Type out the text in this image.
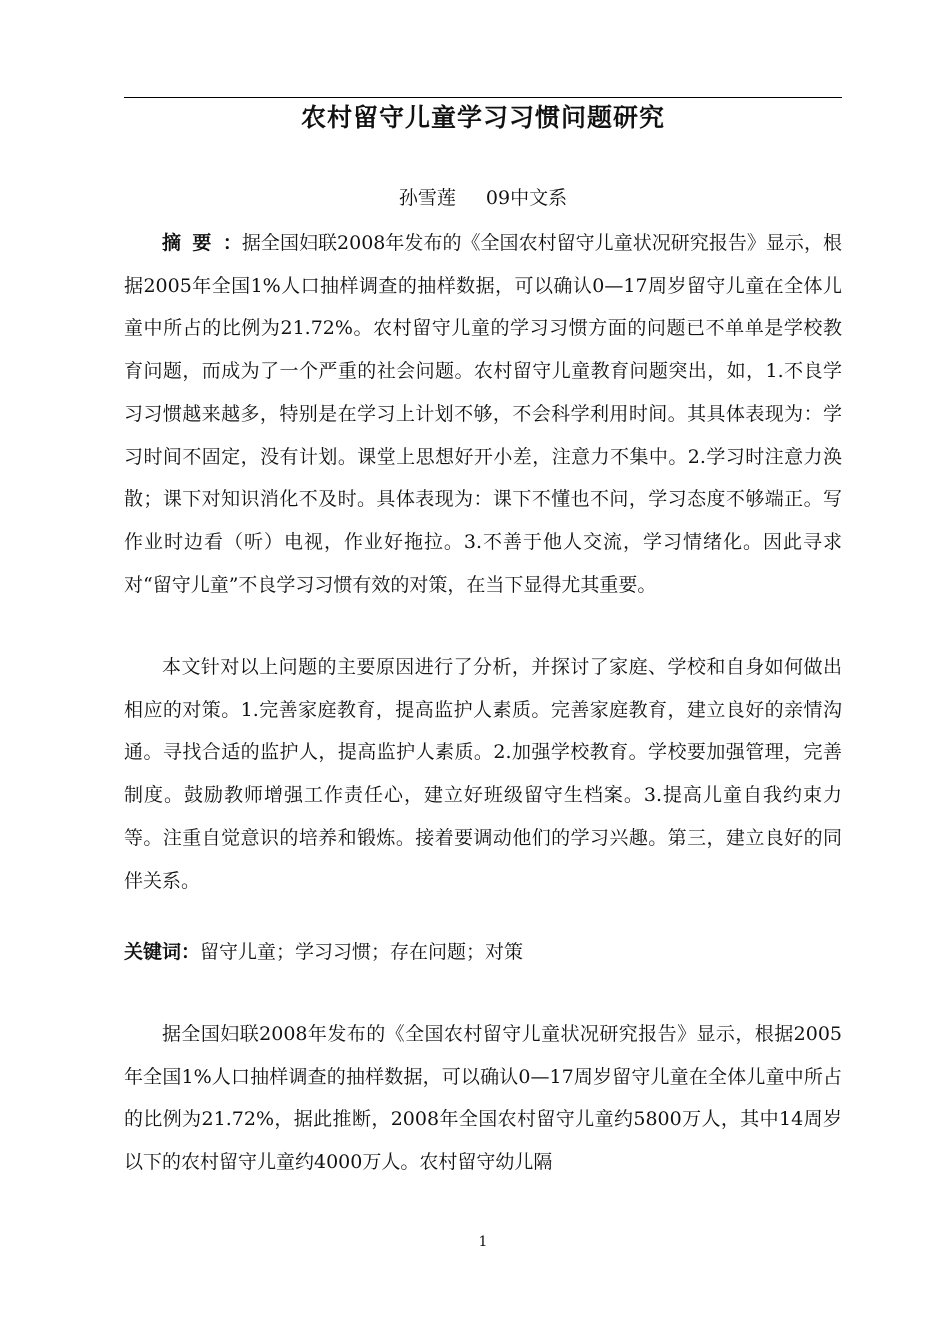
农村留守儿童学习习惯问题研究
孙雪莲 09中文系

摘要：据全国妇联2008年发布的《全国农村留守儿童状况研究报告》显示，根据2005年全国1%人口抽样调查的抽样数据，可以确认0—17周岁留守儿童在全体儿童中所占的比例为21.72%。农村留守儿童的学习习惯方面的问题已不单单是学校教育问题，而成为了一个严重的社会问题。农村留守儿童教育问题突出，如，1.不良学习习惯越来越多，特别是在学习上计划不够，不会科学利用时间。其具体表现为：学习时间不固定，没有计划。课堂上思想好开小差，注意力不集中。2.学习时注意力涣散；课下对知识消化不及时。具体表现为：课下不懂也不问，学习态度不够端正。写作业时边看（听）电视，作业好拖拉。3.不善于他人交流，学习情绪化。因此寻求对“留守儿童”不良学习习惯有效的对策，在当下显得尤其重要。

本文针对以上问题的主要原因进行了分析，并探讨了家庭、学校和自身如何做出相应的对策。1.完善家庭教育，提高监护人素质。完善家庭教育，建立良好的亲情沟通。寻找合适的监护人，提高监护人素质。2.加强学校教育。学校要加强管理，完善制度。鼓励教师增强工作责任心，建立好班级留守生档案。3.提高儿童自我约束力等。注重自觉意识的培养和锻炼。接着要调动他们的学习兴趣。第三，建立良好的同伴关系。

关键词：留守儿童；学习习惯；存在问题；对策

据全国妇联2008年发布的《全国农村留守儿童状况研究报告》显示，根据2005年全国1%人口抽样调查的抽样数据，可以确认0—17周岁留守儿童在全体儿童中所占的比例为21.72%，据此推断，2008年全国农村留守儿童约5800万人，其中14周岁以下的农村留守儿童约4000万人。农村留守幼儿隔

1
